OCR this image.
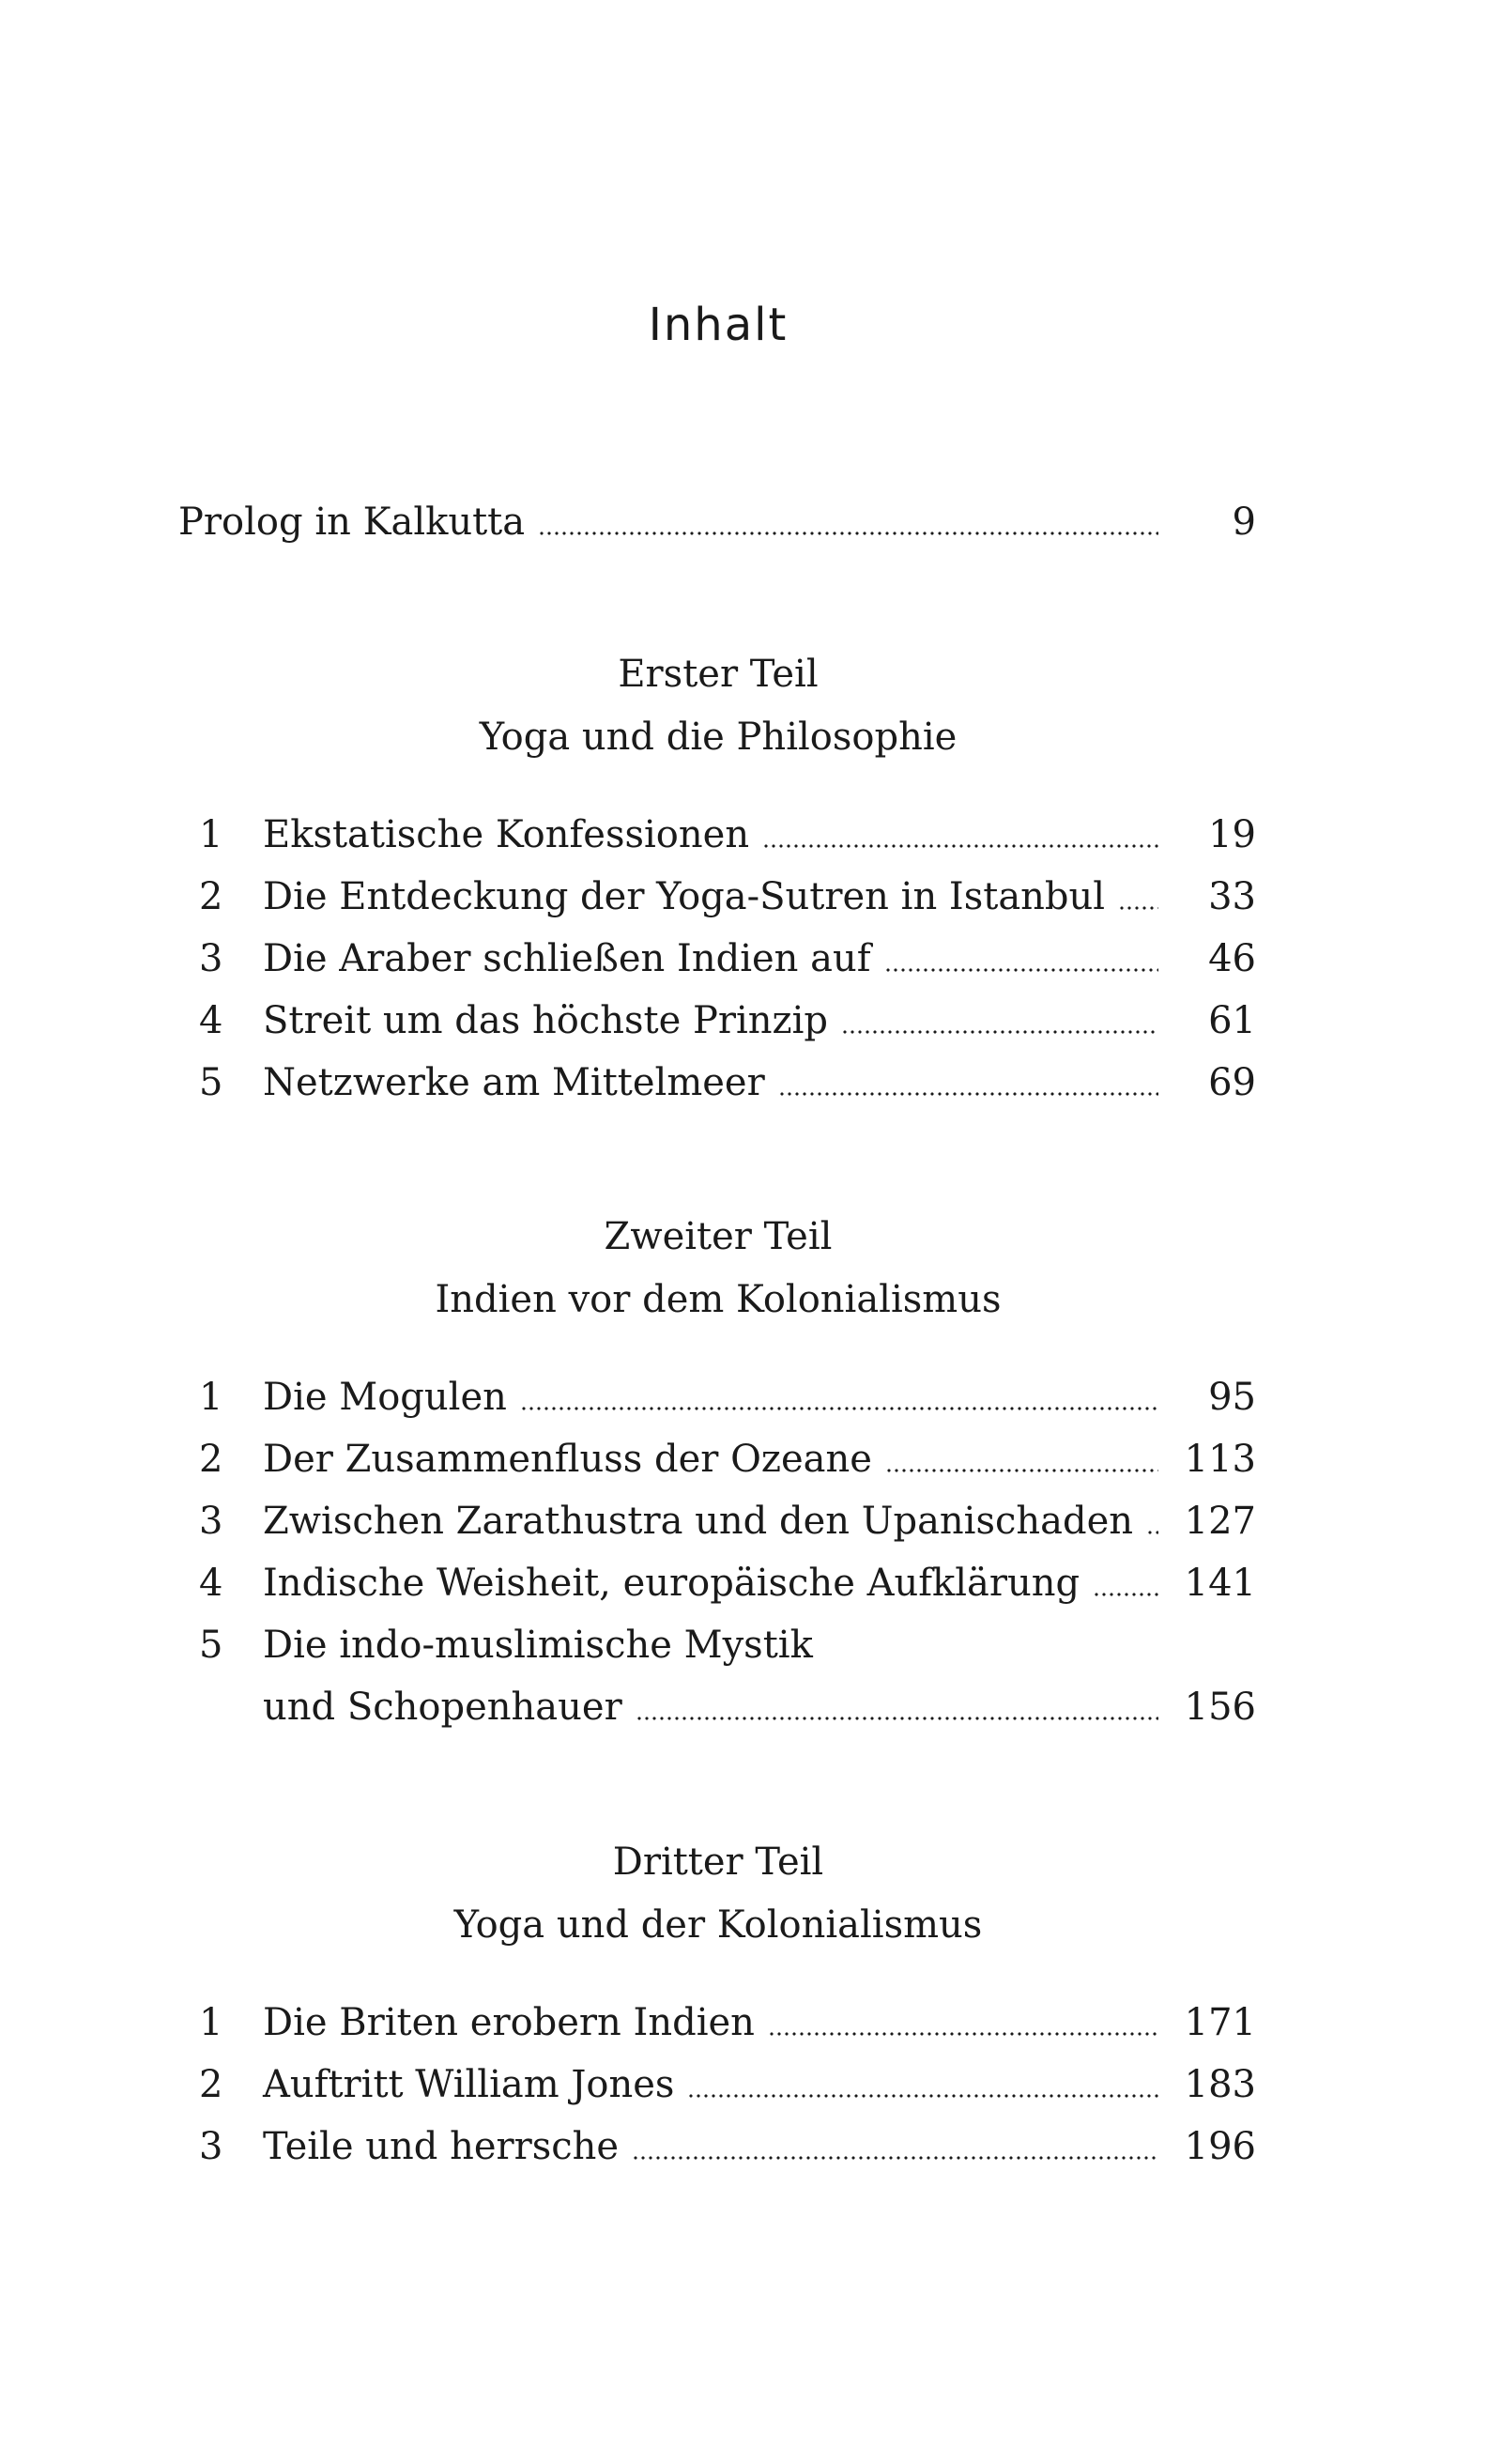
Inhalt
Prolog in Kalkutta	9
Erster Teil
Yoga und die Philosophie
1	Ekstatische Konfessionen	19
2	Die Entdeckung der Yoga-Sutren in Istanbul	33
3	Die Araber schließen Indien auf	46
4	Streit um das höchste Prinzip	61
5	Netzwerke am Mittelmeer	69
Zweiter Teil
Indien vor dem Kolonialismus
1	Die Mogulen	95
2	Der Zusammenfluss der Ozeane	113
3	Zwischen Zarathustra und den Upanischaden	127
4	Indische Weisheit, europäische Aufklärung	141
5	Die indo-muslimische Mystik
und Schopenhauer	156
Dritter Teil
Yoga und der Kolonialismus
1	Die Briten erobern Indien	171
2	Auftritt William Jones	183
3	Teile und herrsche	196
